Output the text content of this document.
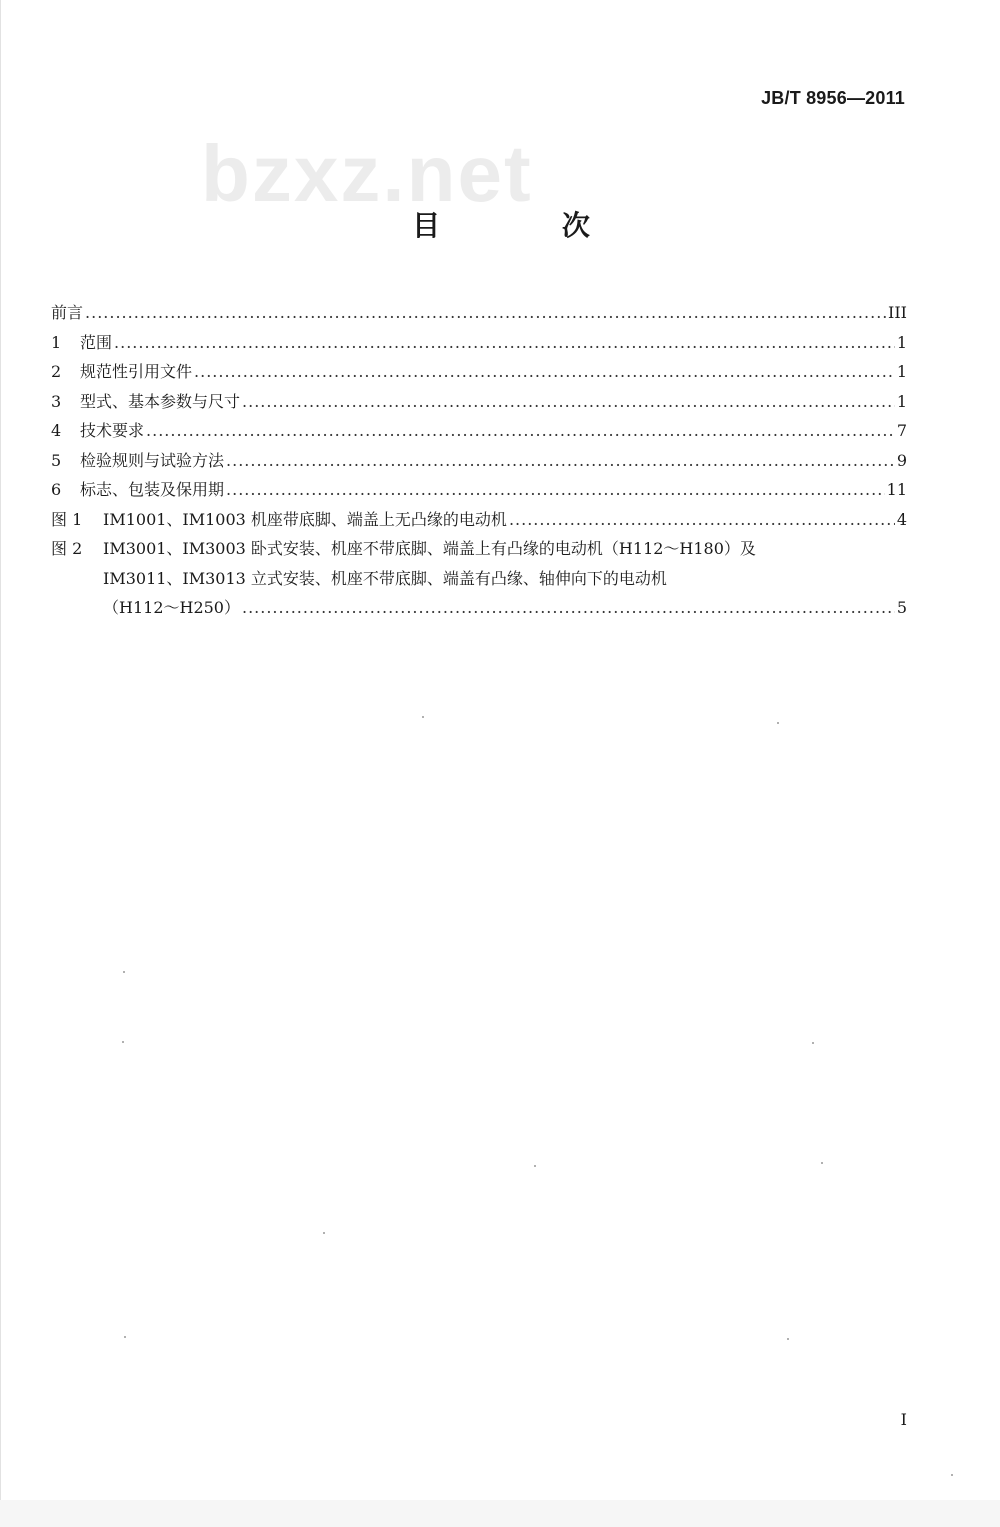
JB/T 8956—2011
bzxz.net
目 次
前言 .....	III
1	范围 .....	1
2	规范性引用文件 .....	1
3	型式、基本参数与尺寸 .....	1
4	技术要求 .....	7
5	检验规则与试验方法 .....	9
6	标志、包装及保用期 .....	11
图 1	IM1001、IM1003 机座带底脚、端盖上无凸缘的电动机 .....	4
图 2	IM3001、IM3003 卧式安装、机座不带底脚、端盖上有凸缘的电动机（H112～H180）及
IM3011、IM3013 立式安装、机座不带底脚、端盖有凸缘、轴伸向下的电动机
（H112～H250） .....	5
I
